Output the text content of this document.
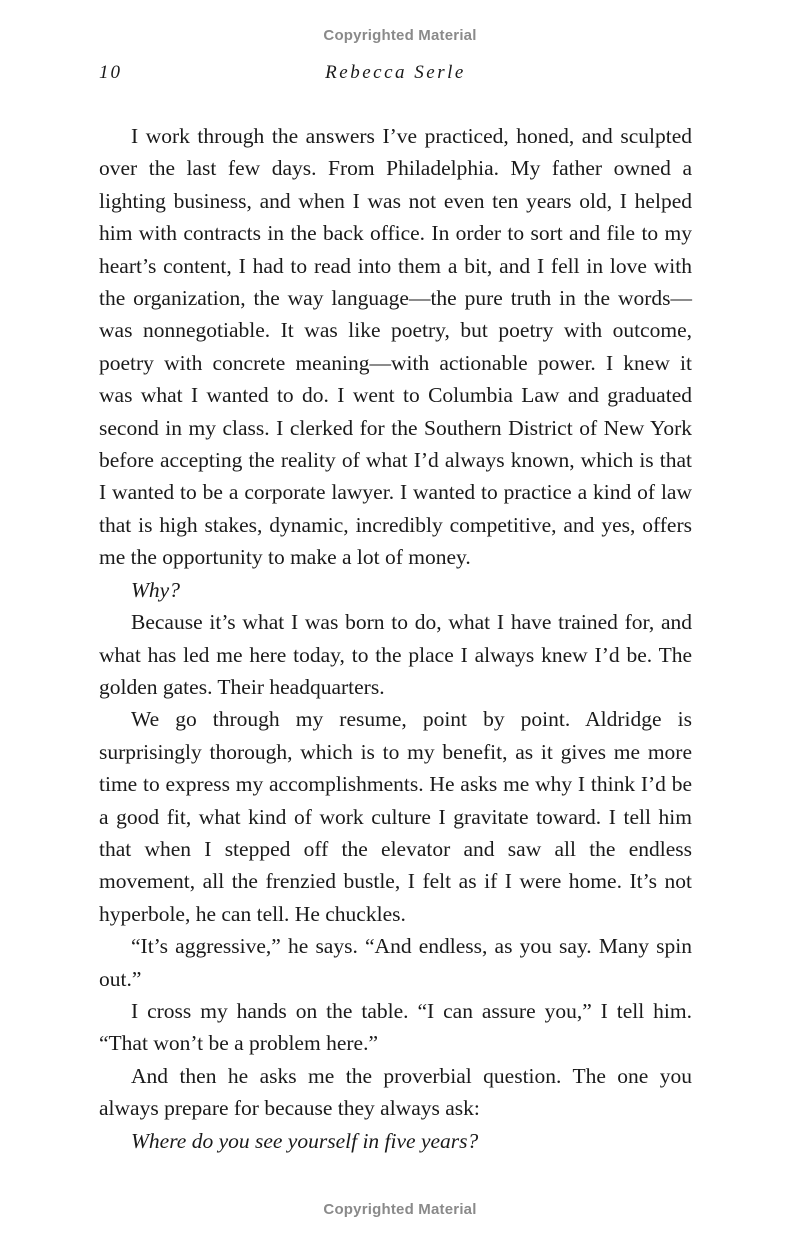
Copyrighted Material
10	Rebecca Serle

I work through the answers I’ve practiced, honed, and sculpted over the last few days. From Philadelphia. My father owned a lighting business, and when I was not even ten years old, I helped him with contracts in the back office. In order to sort and file to my heart’s content, I had to read into them a bit, and I fell in love with the organization, the way language—the pure truth in the words—was nonnegotiable. It was like poetry, but poetry with outcome, poetry with concrete meaning—with actionable power. I knew it was what I wanted to do. I went to Columbia Law and graduated second in my class. I clerked for the Southern District of New York before accepting the reality of what I’d always known, which is that I wanted to be a corporate lawyer. I wanted to practice a kind of law that is high stakes, dynamic, incredibly competitive, and yes, offers me the opportunity to make a lot of money.

Why?

Because it’s what I was born to do, what I have trained for, and what has led me here today, to the place I always knew I’d be. The golden gates. Their headquarters.

We go through my resume, point by point. Aldridge is surprisingly thorough, which is to my benefit, as it gives me more time to express my accomplishments. He asks me why I think I’d be a good fit, what kind of work culture I gravitate toward. I tell him that when I stepped off the elevator and saw all the endless movement, all the frenzied bustle, I felt as if I were home. It’s not hyperbole, he can tell. He chuckles.

“It’s aggressive,” he says. “And endless, as you say. Many spin out.”

I cross my hands on the table. “I can assure you,” I tell him. “That won’t be a problem here.”

And then he asks me the proverbial question. The one you always prepare for because they always ask:

Where do you see yourself in five years?

Copyrighted Material
